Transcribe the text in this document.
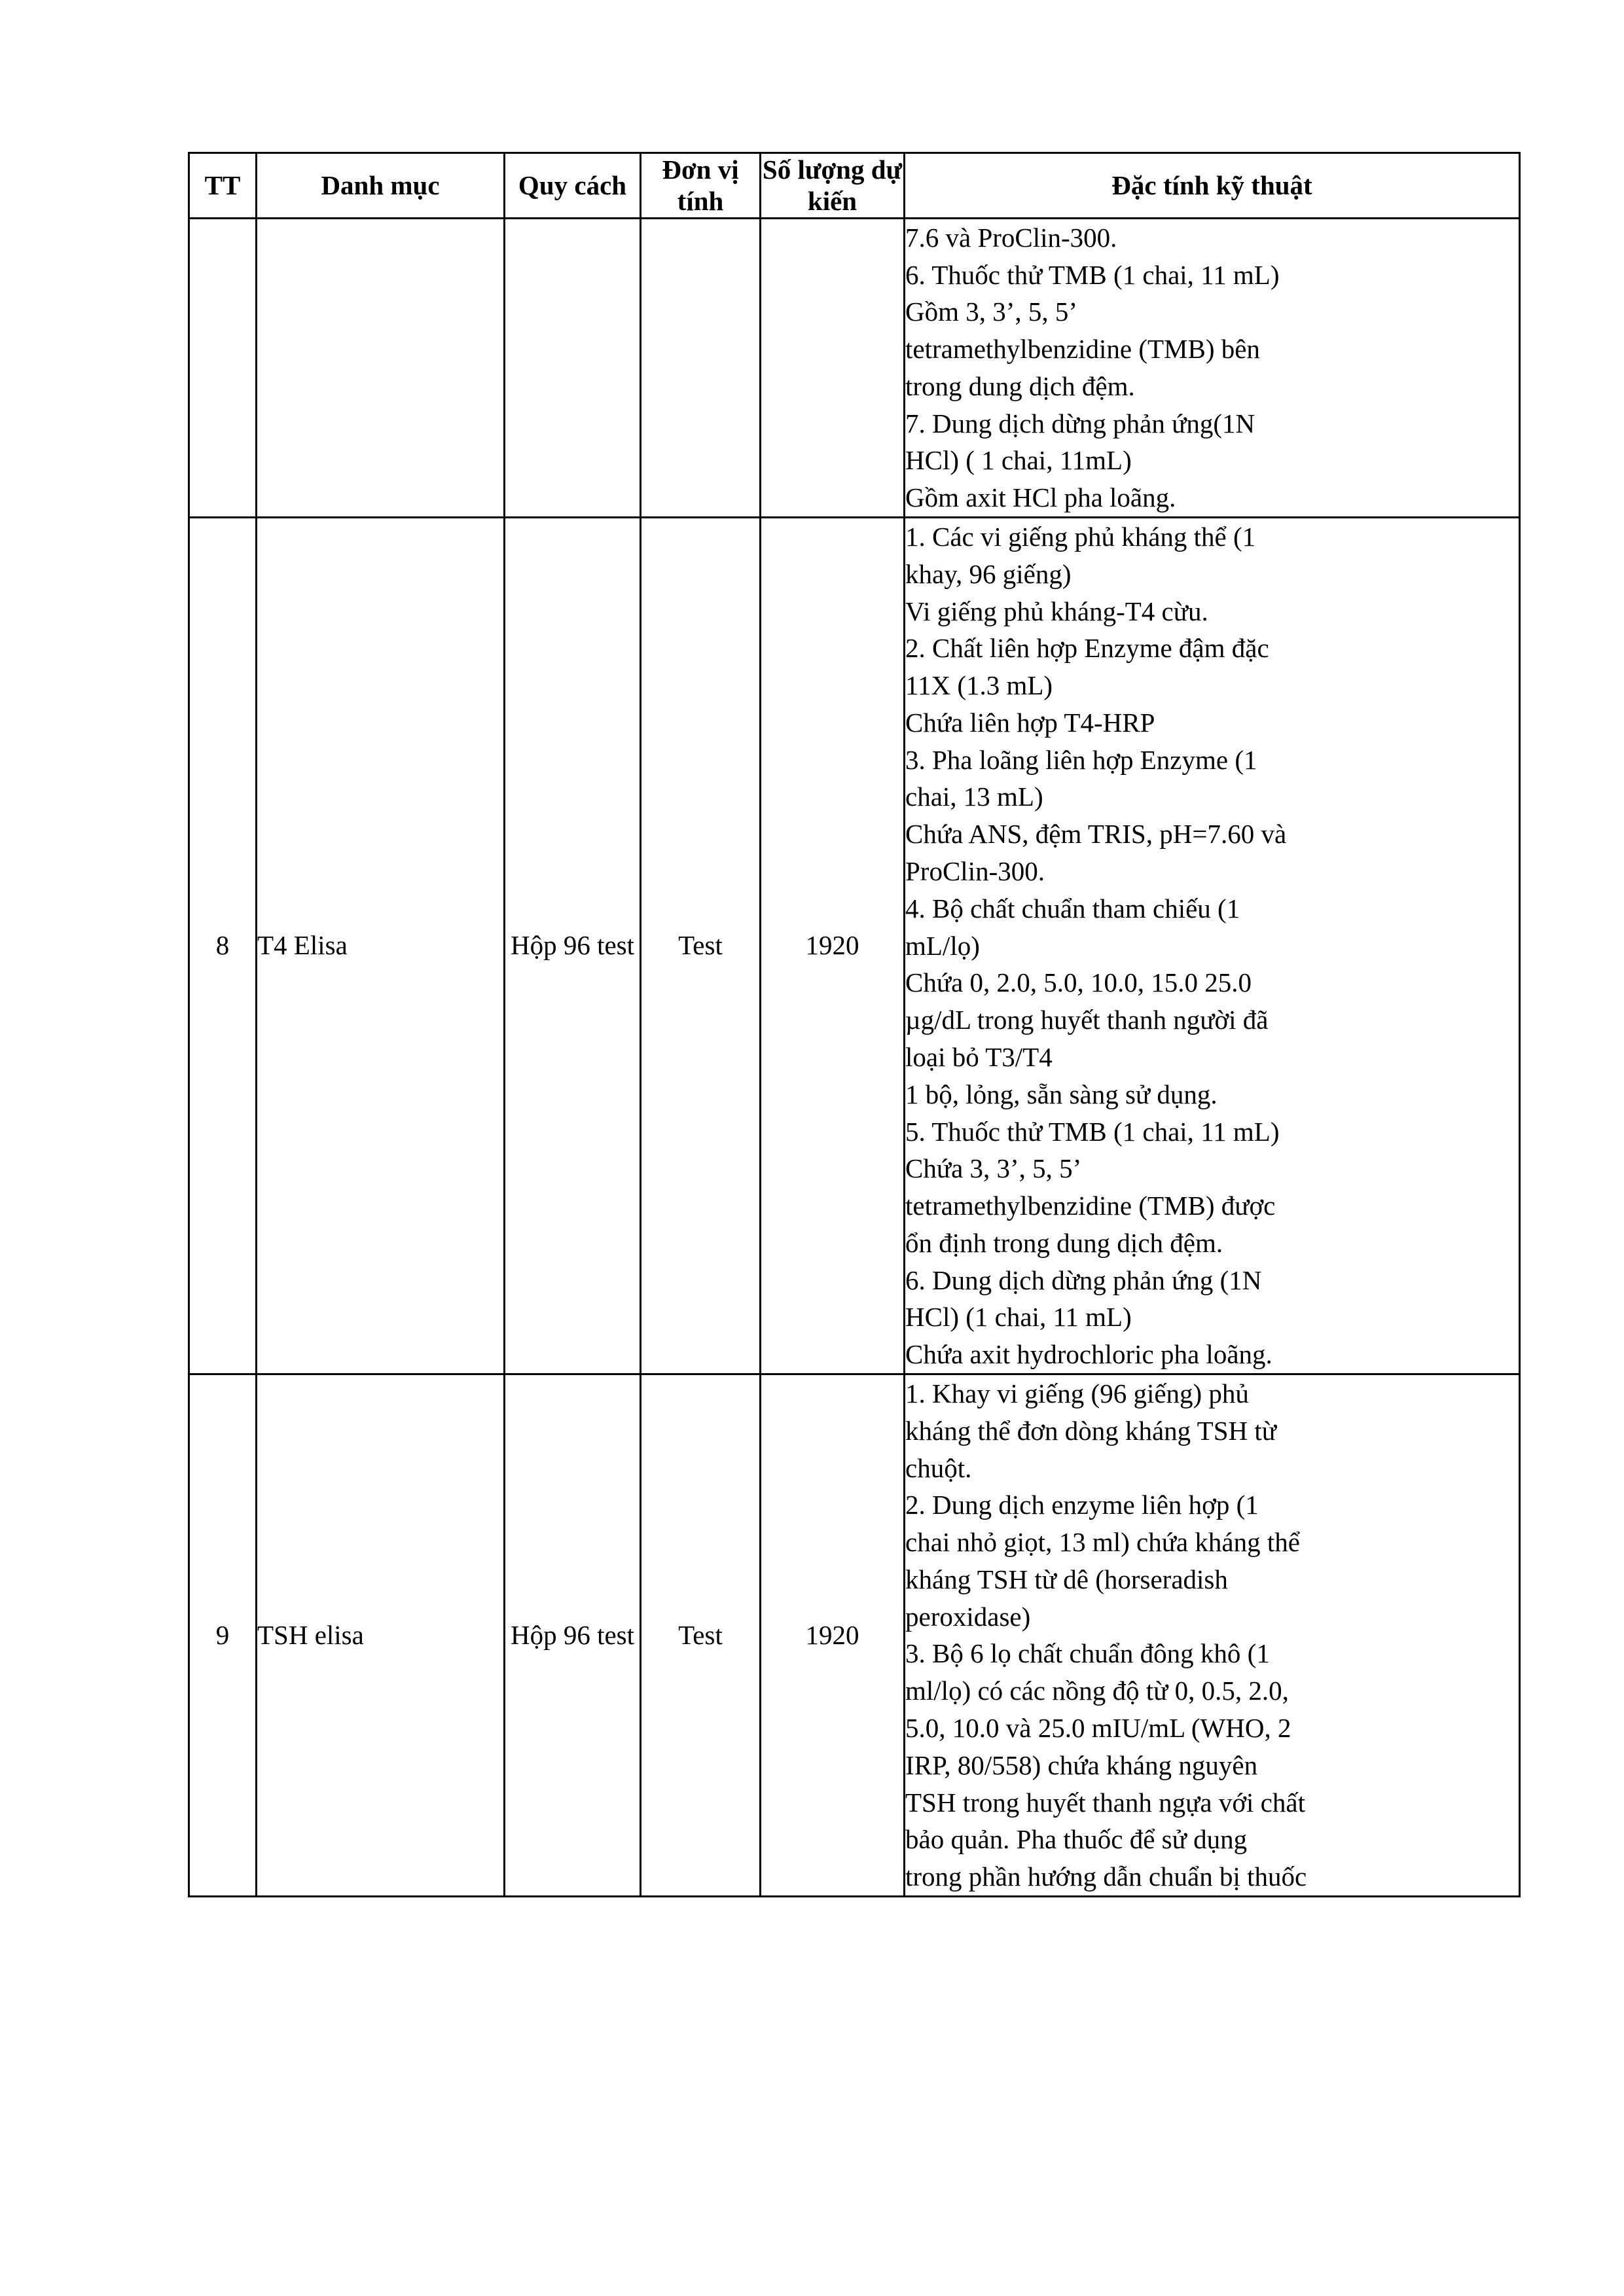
TT	Danh mục	Quy cách	Đơn vị tính	Số lượng dự kiến	Đặc tính kỹ thuật

7.6 và ProClin-300.
6. Thuốc thử TMB (1 chai, 11 mL)
Gồm 3, 3’, 5, 5’
tetramethylbenzidine (TMB) bên
trong dung dịch đệm.
7. Dung dịch dừng phản ứng(1N
HCl) ( 1 chai, 11mL)
Gồm axit HCl pha loãng.

8	T4 Elisa	Hộp 96 test	Test	1920	
1. Các vi giếng phủ kháng thể (1
khay, 96 giếng)
Vi giếng phủ kháng-T4 cừu.
2. Chất liên hợp Enzyme đậm đặc
11X (1.3 mL)
Chứa liên hợp T4-HRP
3. Pha loãng liên hợp Enzyme (1
chai, 13 mL)
Chứa ANS, đệm TRIS, pH=7.60 và
ProClin-300.
4. Bộ chất chuẩn tham chiếu (1
mL/lọ)
Chứa 0, 2.0, 5.0, 10.0, 15.0 25.0
µg/dL trong huyết thanh người đã
loại bỏ T3/T4
1 bộ, lỏng, sẵn sàng sử dụng.
5. Thuốc thử TMB (1 chai, 11 mL)
Chứa 3, 3’, 5, 5’
tetramethylbenzidine (TMB) được
ổn định trong dung dịch đệm.
6. Dung dịch dừng phản ứng (1N
HCl) (1 chai, 11 mL)
Chứa axit hydrochloric pha loãng.

9	TSH elisa	Hộp 96 test	Test	1920	
1. Khay vi giếng (96 giếng) phủ
kháng thể đơn dòng kháng TSH từ
chuột.
2. Dung dịch enzyme liên hợp (1
chai nhỏ giọt, 13 ml) chứa kháng thể
kháng TSH từ dê (horseradish
peroxidase)
3. Bộ 6 lọ chất chuẩn đông khô (1
ml/lọ) có các nồng độ từ 0, 0.5, 2.0,
5.0, 10.0 và 25.0 mIU/mL (WHO, 2
IRP, 80/558) chứa kháng nguyên
TSH trong huyết thanh ngựa với chất
bảo quản. Pha thuốc để sử dụng
trong phần hướng dẫn chuẩn bị thuốc
